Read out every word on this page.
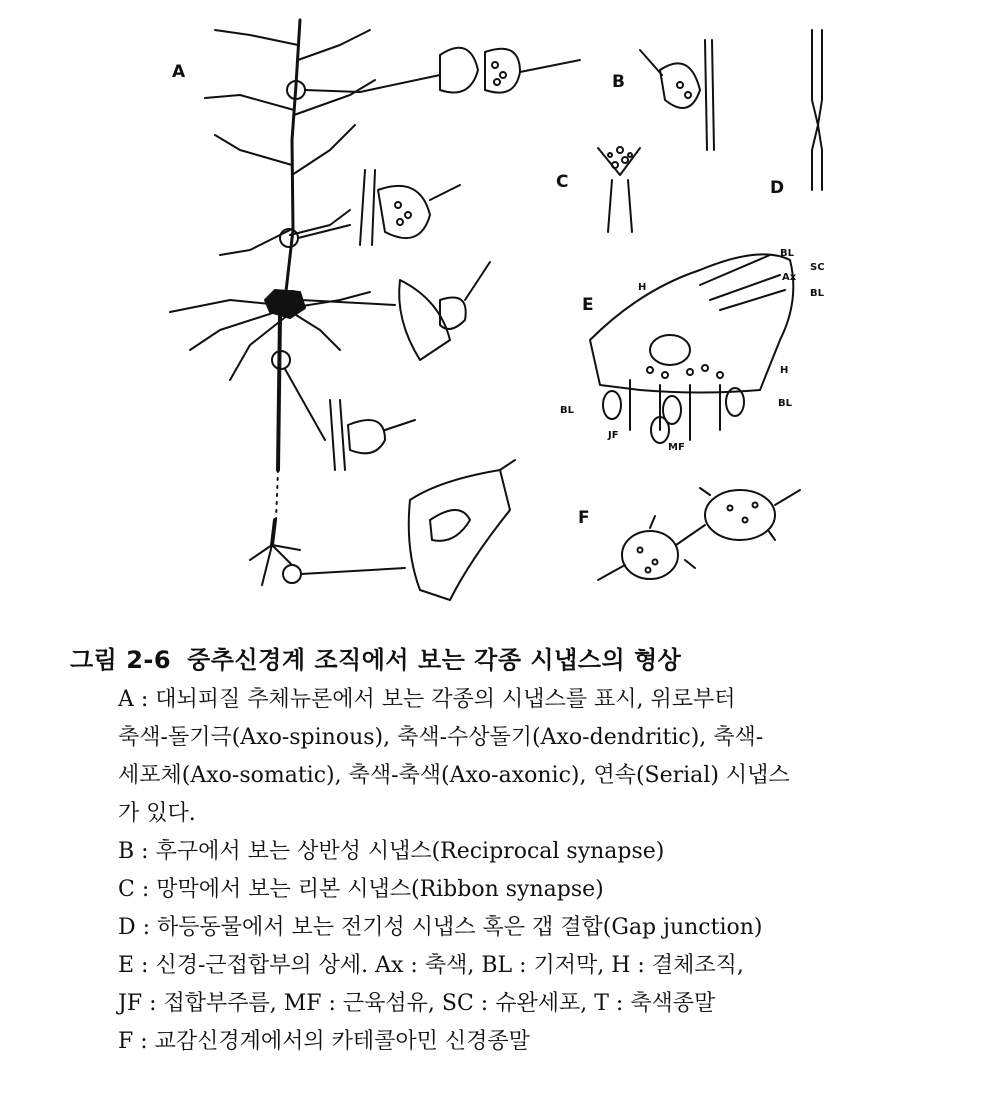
A	B
C	D
E
F
BL
SC
Ax
BL
H
H
BL
BL
JF
MF
그림 2-6 중추신경계 조직에서 보는 각종 시냅스의 형상
A : 대뇌피질 추체뉴론에서 보는 각종의 시냅스를 표시, 위로부터
축색-돌기극(Axo-spinous), 축색-수상돌기(Axo-dendritic), 축색-
세포체(Axo-somatic), 축색-축색(Axo-axonic), 연속(Serial) 시냅스
가 있다.
B : 후구에서 보는 상반성 시냅스(Reciprocal synapse)
C : 망막에서 보는 리본 시냅스(Ribbon synapse)
D : 하등동물에서 보는 전기성 시냅스 혹은 갭 결합(Gap junction)
E : 신경-근접합부의 상세. Ax : 축색, BL : 기저막, H : 결체조직,
JF : 접합부주름, MF : 근육섬유, SC : 슈완세포, T : 축색종말
F : 교감신경계에서의 카테콜아민 신경종말
